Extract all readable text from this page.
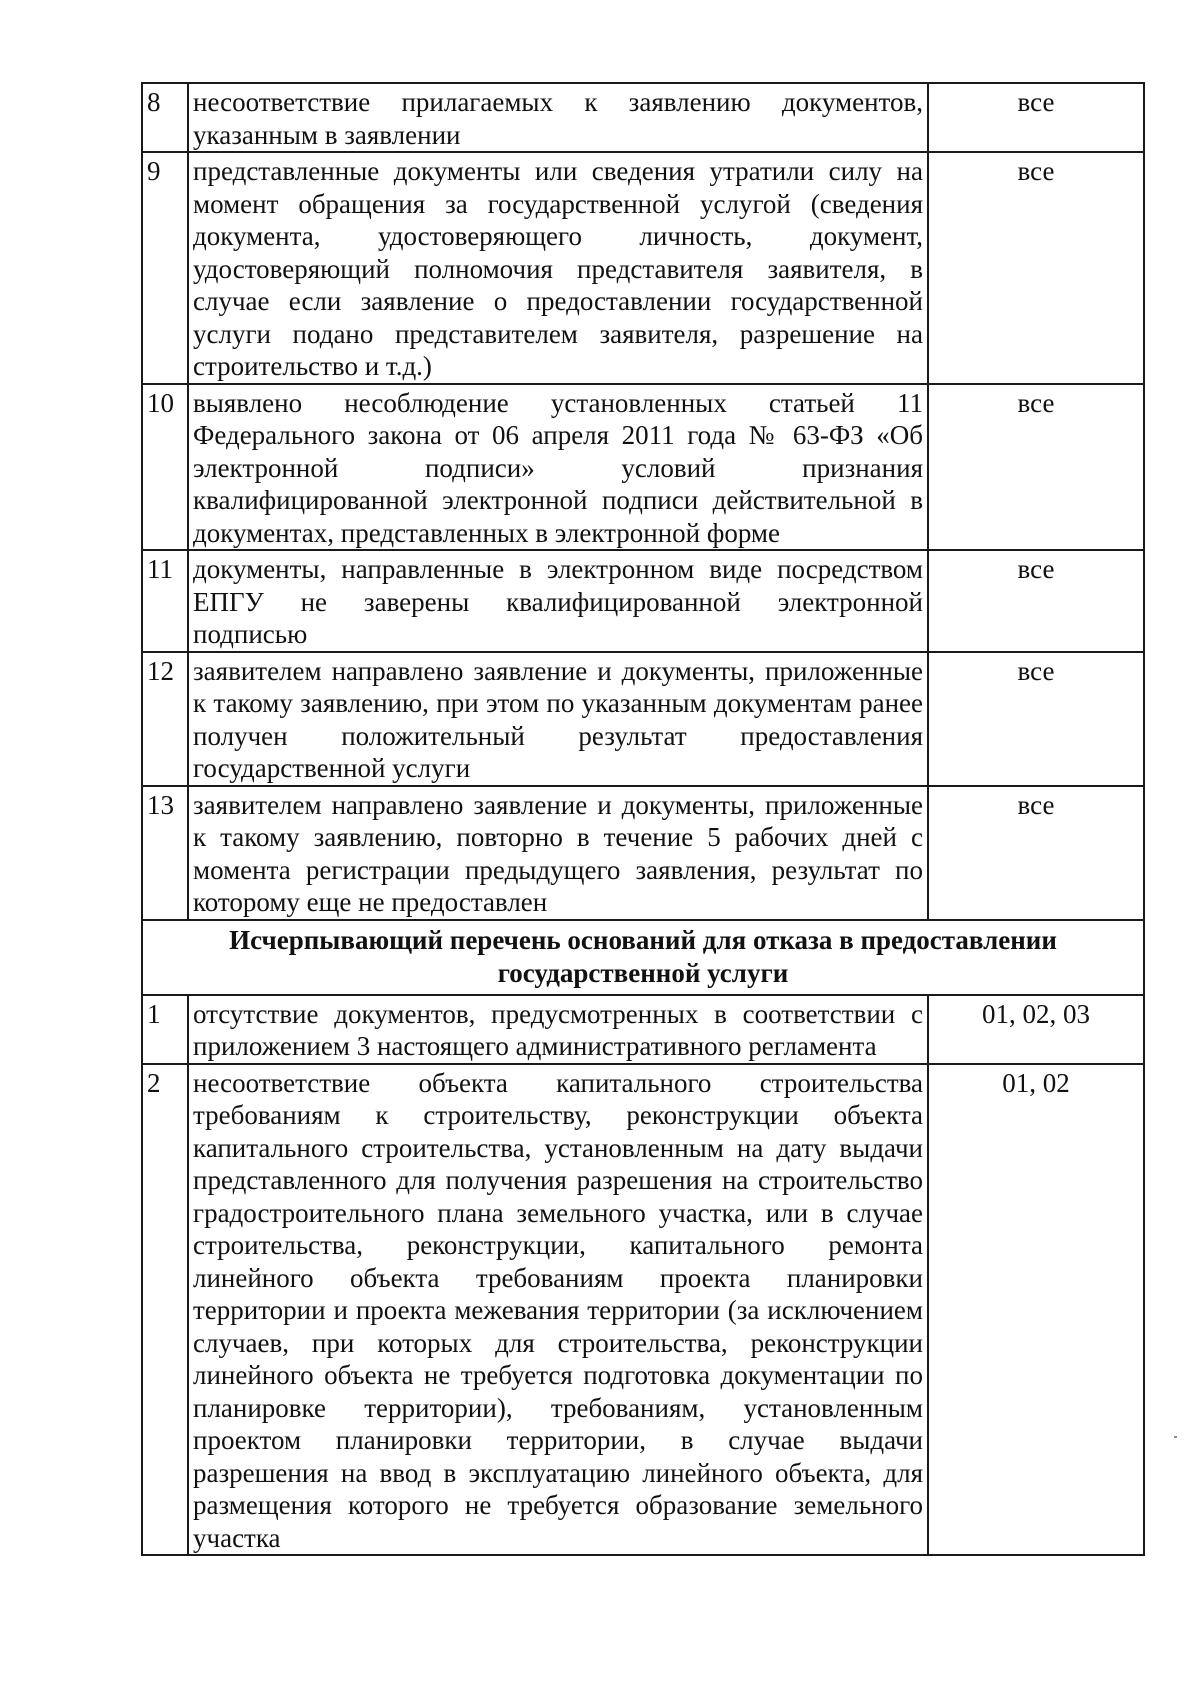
8	несоответствие прилагаемых к заявлению документов, указанным в заявлении	все
9	представленные документы или сведения утратили силу на момент обращения за государственной услугой (сведения документа, удостоверяющего личность, документ, удостоверяющий полномочия представителя заявителя, в случае если заявление о предоставлении государственной услуги подано представителем заявителя, разрешение на строительство и т.д.)	все
10	выявлено несоблюдение установленных статьей 11 Федерального закона от 06 апреля 2011 года № 63-ФЗ «Об электронной подписи» условий признания квалифицированной электронной подписи действительной в документах, представленных в электронной форме	все
11	документы, направленные в электронном виде посредством ЕПГУ не заверены квалифицированной электронной подписью	все
12	заявителем направлено заявление и документы, приложенные к такому заявлению, при этом по указанным документам ранее получен положительный результат предоставления государственной услуги	все
13	заявителем направлено заявление и документы, приложенные к такому заявлению, повторно в течение 5 рабочих дней с момента регистрации предыдущего заявления, результат по которому еще не предоставлен	все
Исчерпывающий перечень оснований для отказа в предоставлении государственной услуги		
1	отсутствие документов, предусмотренных в соответствии с приложением 3 настоящего административного регламента	01, 02, 03
2	несоответствие объекта капитального строительства требованиям к строительству, реконструкции объекта капитального строительства, установленным на дату выдачи представленного для получения разрешения на строительство градостроительного плана земельного участка, или в случае строительства, реконструкции, капитального ремонта линейного объекта требованиям проекта планировки территории и проекта межевания территории (за исключением случаев, при которых для строительства, реконструкции линейного объекта не требуется подготовка документации по планировке территории), требованиям, установленным проектом планировки территории, в случае выдачи разрешения на ввод в эксплуатацию линейного объекта, для размещения которого не требуется образование земельного участка	01, 02
